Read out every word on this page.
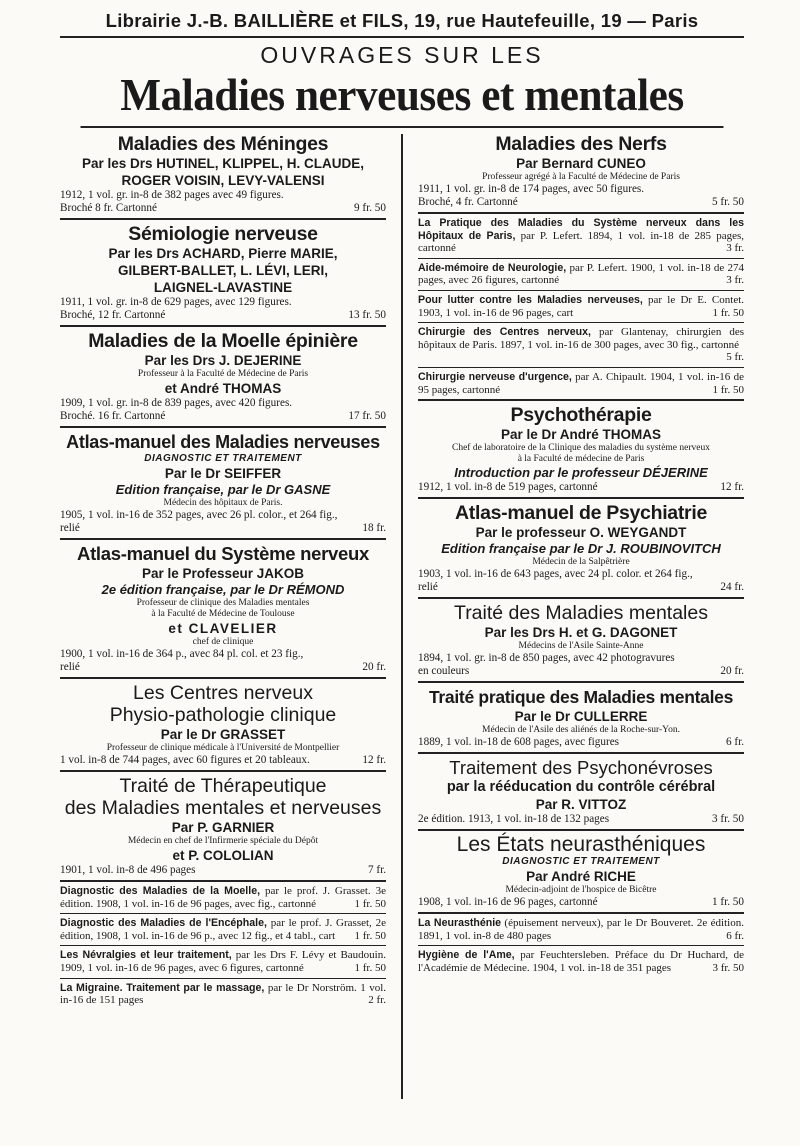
Librairie J.-B. BAILLIÈRE et FILS, 19, rue Hautefeuille, 19 — Paris
OUVRAGES SUR LES
Maladies nerveuses et mentales
Maladies des Méninges
Par les Drs HUTINEL, KLIPPEL, H. CLAUDE,
ROGER VOISIN, LEVY-VALENSI
1912, 1 vol. gr. in-8 de 382 pages avec 49 figures.
Broché 8 fr. Cartonné	9 fr. 50
Sémiologie nerveuse
Par les Drs ACHARD, Pierre MARIE,
GILBERT-BALLET, L. LÉVI, LERI,
LAIGNEL-LAVASTINE
1911, 1 vol. gr. in-8 de 629 pages, avec 129 figures.
Broché, 12 fr. Cartonné	13 fr. 50
Maladies de la Moelle épinière
Par les Drs J. DEJERINE
Professeur à la Faculté de Médecine de Paris
et André THOMAS
1909, 1 vol. gr. in-8 de 839 pages, avec 420 figures.
Broché. 16 fr. Cartonné	17 fr. 50
Atlas-manuel des Maladies nerveuses
DIAGNOSTIC ET TRAITEMENT
Par le Dr SEIFFER
Edition française, par le Dr GASNE
Médecin des hôpitaux de Paris.
1905, 1 vol. in-16 de 352 pages, avec 26 pl. color., et 264 fig.,
relié	18 fr.
Atlas-manuel du Système nerveux
Par le Professeur JAKOB
2e édition française, par le Dr RÉMOND
Professeur de clinique des Maladies mentales
à la Faculté de Médecine de Toulouse
et CLAVELIER
chef de clinique
1900, 1 vol. in-16 de 364 p., avec 84 pl. col. et 23 fig.,
relié	20 fr.
Les Centres nerveux
Physio-pathologie clinique
Par le Dr GRASSET
Professeur de clinique médicale à l'Université de Montpellier
1 vol. in-8 de 744 pages, avec 60 figures et 20 tableaux.	12 fr.
Traité de Thérapeutique
des Maladies mentales et nerveuses
Par P. GARNIER
Médecin en chef de l'Infirmerie spéciale du Dépôt
et P. COLOLIAN
1901, 1 vol. in-8 de 496 pages	7 fr.
Diagnostic des Maladies de la Moelle, par le prof. J. Grasset. 3e édition. 1908, 1 vol. in-16 de 96 pages, avec fig., cartonné	1 fr. 50
Diagnostic des Maladies de l'Encéphale, par le prof. J. Grasset, 2e édition, 1908, 1 vol. in-16 de 96 p., avec 12 fig., et 4 tabl., cart 1 fr. 50
Les Névralgies et leur traitement, par les Drs F. Lévy et Baudouin. 1909, 1 vol. in-16 de 96 pages, avec 6 figures, cartonné	1 fr. 50
La Migraine. Traitement par le massage, par le Dr Norström. 1 vol. in-16 de 151 pages	2 fr.
Maladies des Nerfs
Par Bernard CUNEO
Professeur agrégé à la Faculté de Médecine de Paris
1911, 1 vol. gr. in-8 de 174 pages, avec 50 figures.
Broché, 4 fr. Cartonné	5 fr. 50
La Pratique des Maladies du Système nerveux dans les Hôpitaux de Paris, par P. Lefert. 1894, 1 vol. in-18 de 285 pages, cartonné	3 fr.
Aide-mémoire de Neurologie, par P. Lefert. 1900, 1 vol. in-18 de 274 pages, avec 26 figures, cartonné	3 fr.
Pour lutter contre les Maladies nerveuses, par le Dr E. Contet. 1903, 1 vol. in-16 de 96 pages, cart	1 fr. 50
Chirurgie des Centres nerveux, par Glantenay, chirurgien des hôpitaux de Paris. 1897, 1 vol. in-16 de 300 pages, avec 30 fig., cartonné
5 fr.
Chirurgie nerveuse d'urgence, par A. Chipault. 1904, 1 vol. in-16 de 95 pages, cartonné	1 fr. 50
Psychothérapie
Par le Dr André THOMAS
Chef de laboratoire de la Clinique des maladies du système nerveux
à la Faculté de médecine de Paris
Introduction par le professeur DÉJERINE
1912, 1 vol. in-8 de 519 pages, cartonné	12 fr.
Atlas-manuel de Psychiatrie
Par le professeur O. WEYGANDT
Edition française par le Dr J. ROUBINOVITCH
Médecin de la Salpêtrière
1903, 1 vol. in-16 de 643 pages, avec 24 pl. color. et 264 fig.,
relié	24 fr.
Traité des Maladies mentales
Par les Drs H. et G. DAGONET
Médecins de l'Asile Sainte-Anne
1894, 1 vol. gr. in-8 de 850 pages, avec 42 photogravures
en couleurs	20 fr.
Traité pratique des Maladies mentales
Par le Dr CULLERRE
Médecin de l'Asile des aliénés de la Roche-sur-Yon.
1889, 1 vol. in-18 de 608 pages, avec figures	6 fr.
Traitement des Psychonévroses
par la rééducation du contrôle cérébral
Par R. VITTOZ
2e édition. 1913, 1 vol. in-18 de 132 pages	3 fr. 50
Les États neurasthéniques
DIAGNOSTIC ET TRAITEMENT
Par André RICHE
Médecin-adjoint de l'hospice de Bicêtre
1908, 1 vol. in-16 de 96 pages, cartonné	1 fr. 50
La Neurasthénie (épuisement nerveux), par le Dr Bouveret. 2e édition. 1891, 1 vol. in-8 de 480 pages	6 fr.
Hygiène de l'Ame, par Feuchtersleben. Préface du Dr Huchard, de l'Académie de Médecine. 1904, 1 vol. in-18 de 351 pages	3 fr. 50
